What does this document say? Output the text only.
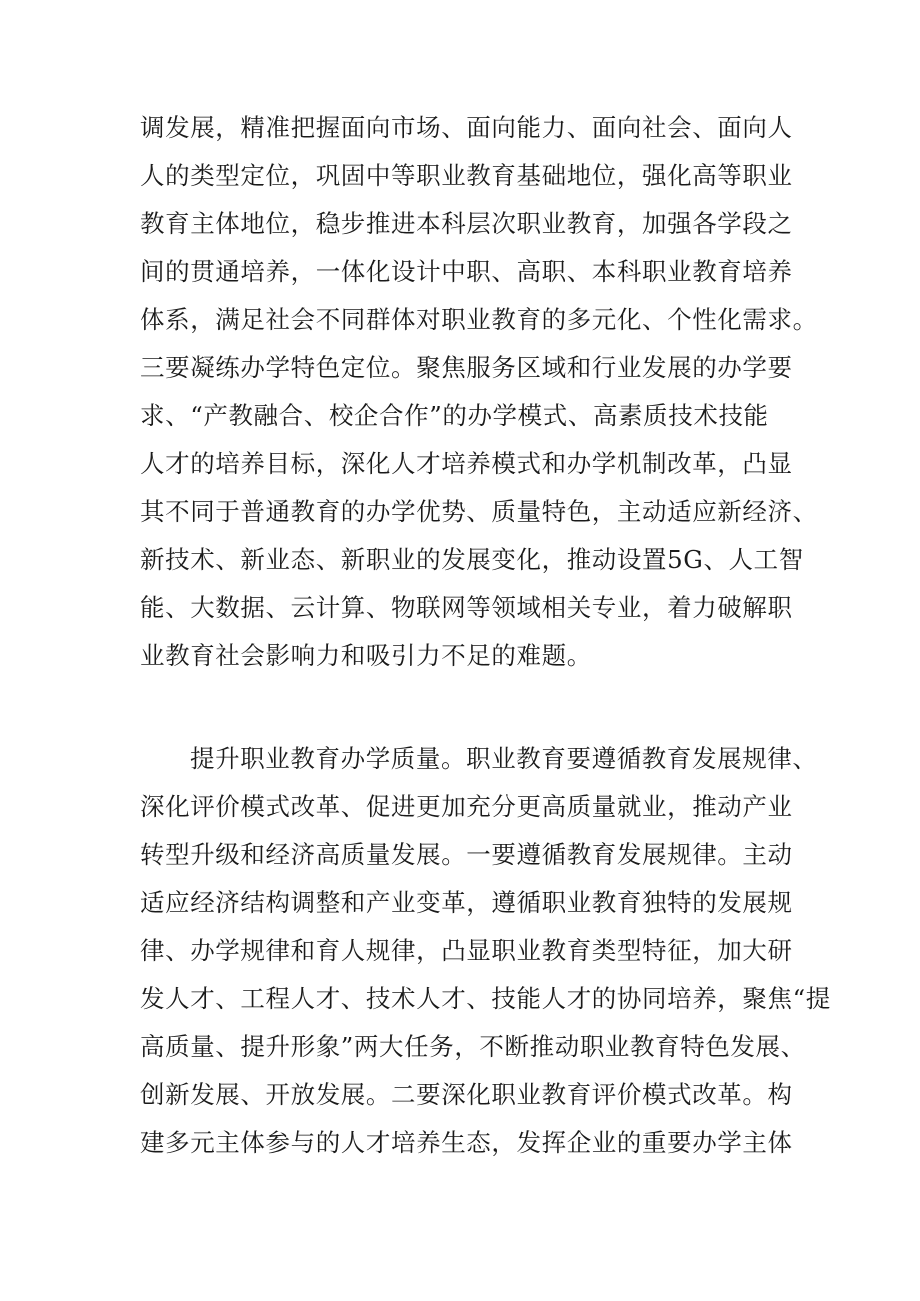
调发展，精准把握面向市场、面向能力、面向社会、面向人
人的类型定位，巩固中等职业教育基础地位，强化高等职业
教育主体地位，稳步推进本科层次职业教育，加强各学段之
间的贯通培养，一体化设计中职、高职、本科职业教育培养
体系，满足社会不同群体对职业教育的多元化、个性化需求。
三要凝练办学特色定位。聚焦服务区域和行业发展的办学要
求、“产教融合、校企合作”的办学模式、高素质技术技能
人才的培养目标，深化人才培养模式和办学机制改革，凸显
其不同于普通教育的办学优势、质量特色，主动适应新经济、
新技术、新业态、新职业的发展变化，推动设置5G、人工智
能、大数据、云计算、物联网等领域相关专业，着力破解职
业教育社会影响力和吸引力不足的难题。
提升职业教育办学质量。职业教育要遵循教育发展规律、
深化评价模式改革、促进更加充分更高质量就业，推动产业
转型升级和经济高质量发展。一要遵循教育发展规律。主动
适应经济结构调整和产业变革，遵循职业教育独特的发展规
律、办学规律和育人规律，凸显职业教育类型特征，加大研
发人才、工程人才、技术人才、技能人才的协同培养，聚焦“提
高质量、提升形象”两大任务，不断推动职业教育特色发展、
创新发展、开放发展。二要深化职业教育评价模式改革。构
建多元主体参与的人才培养生态，发挥企业的重要办学主体
